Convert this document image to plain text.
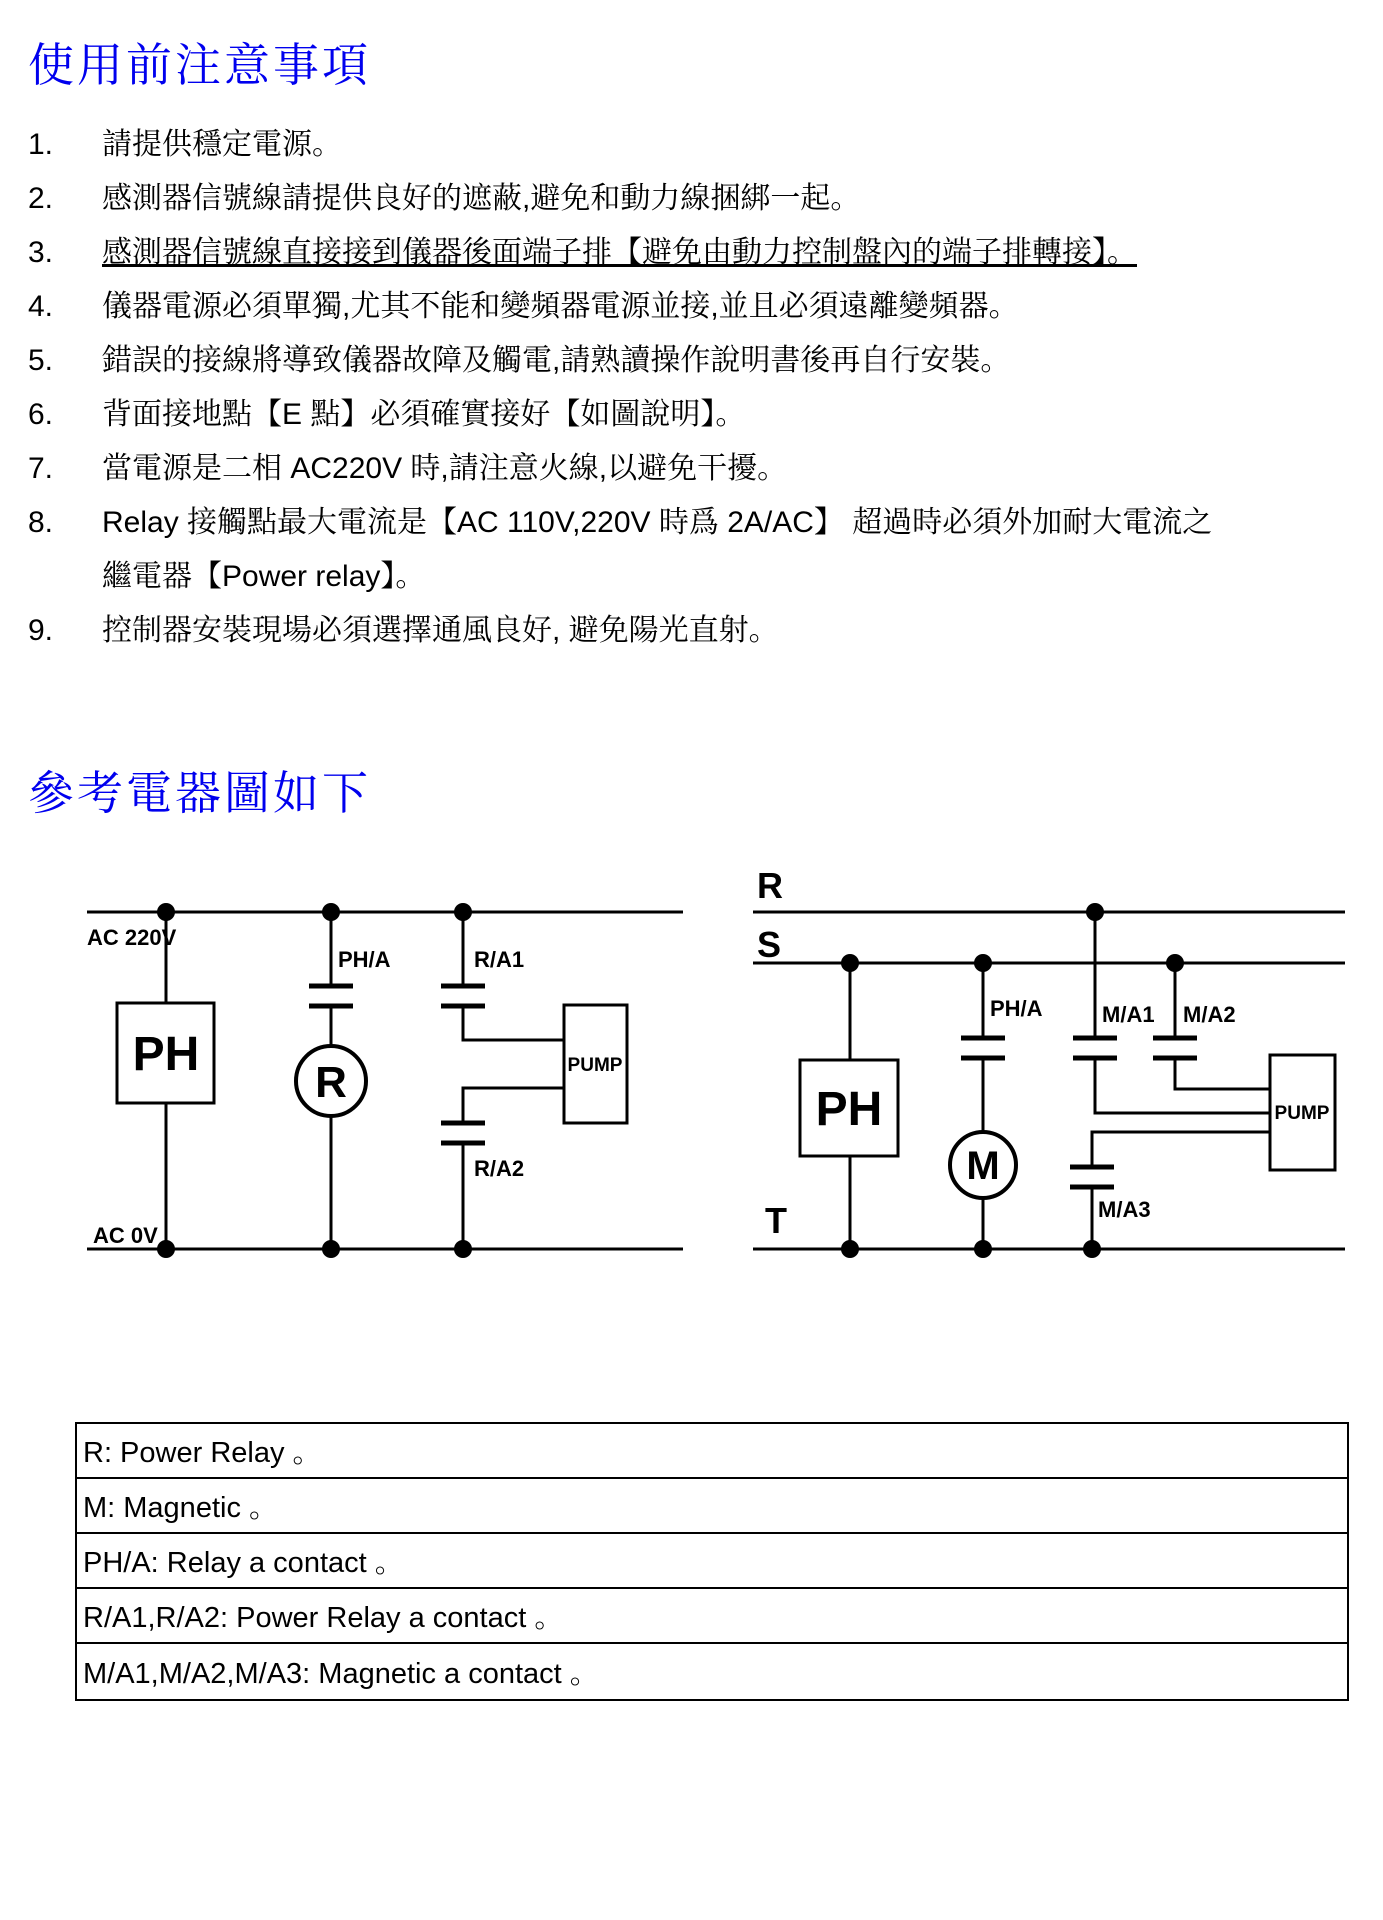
使用前注意事項
1.	請提供穩定電源。
2.	感測器信號線請提供良好的遮蔽,避免和動力線捆綁一起。
3.	感測器信號線直接接到儀器後面端子排【避免由動力控制盤內的端子排轉接】。
4.	儀器電源必須單獨,尤其不能和變頻器電源並接,並且必須遠離變頻器。
5.	錯誤的接線將導致儀器故障及觸電,請熟讀操作說明書後再自行安裝。
6.	背面接地點【E 點】必須確實接好【如圖說明】。
7.	當電源是二相 AC220V 時,請注意火線,以避免干擾。
8.	Relay 接觸點最大電流是【AC 110V,220V 時爲 2A/AC】 超過時必須外加耐大電流之
繼電器【Power relay】。
9.	控制器安裝現場必須選擇通風良好, 避免陽光直射。
參考電器圖如下
AC 220V
AC 0V
PH
R
PH/A	R/A1
R/A2
PUMP
R
S
T
PH
M
PH/A	M/A1 M/A2
M/A3
PUMP
R: Power Relay 。
M: Magnetic 。
PH/A: Relay a contact 。
R/A1,R/A2: Power Relay a contact 。
M/A1,M/A2,M/A3: Magnetic a contact 。
